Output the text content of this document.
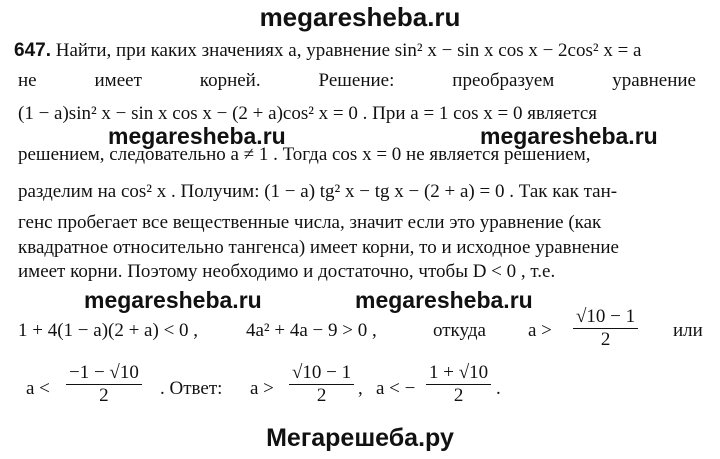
megaresheba.ru
647. Найти, при каких значениях a, уравнение sin² x − sin x cos x − 2cos² x = a
не	имеет	корней.	Решение:	преобразуем	уравнение
(1 − a)sin² x − sin x cos x − (2 + a)cos² x = 0 . При a = 1 cos x = 0 является
megaresheba.ru	megaresheba.ru
решением, следовательно a ≠ 1 . Тогда cos x = 0 не является решением,
разделим на cos² x . Получим: (1 − a) tg² x − tg x − (2 + a) = 0 . Так как тан-
генс пробегает все вещественные числа, значит если это уравнение (как
квадратное относительно тангенса) имеет корни, то и исходное уравнение
имеет корни. Поэтому необходимо и достаточно, чтобы D < 0 , т.е.
megaresheba.ru	megaresheba.ru
1 + 4(1 − a)(2 + a) < 0 ,	4a² + 4a − 9 > 0 ,	откуда $a > \frac{√10 - 1}{2}$ или
$a < \frac{-1 - √10}{2}$ . Ответ: $a > \frac{√10 - 1}{2}$ , a < − $\frac{1 + √10}{2}$ .
Мегарешеба.ру
